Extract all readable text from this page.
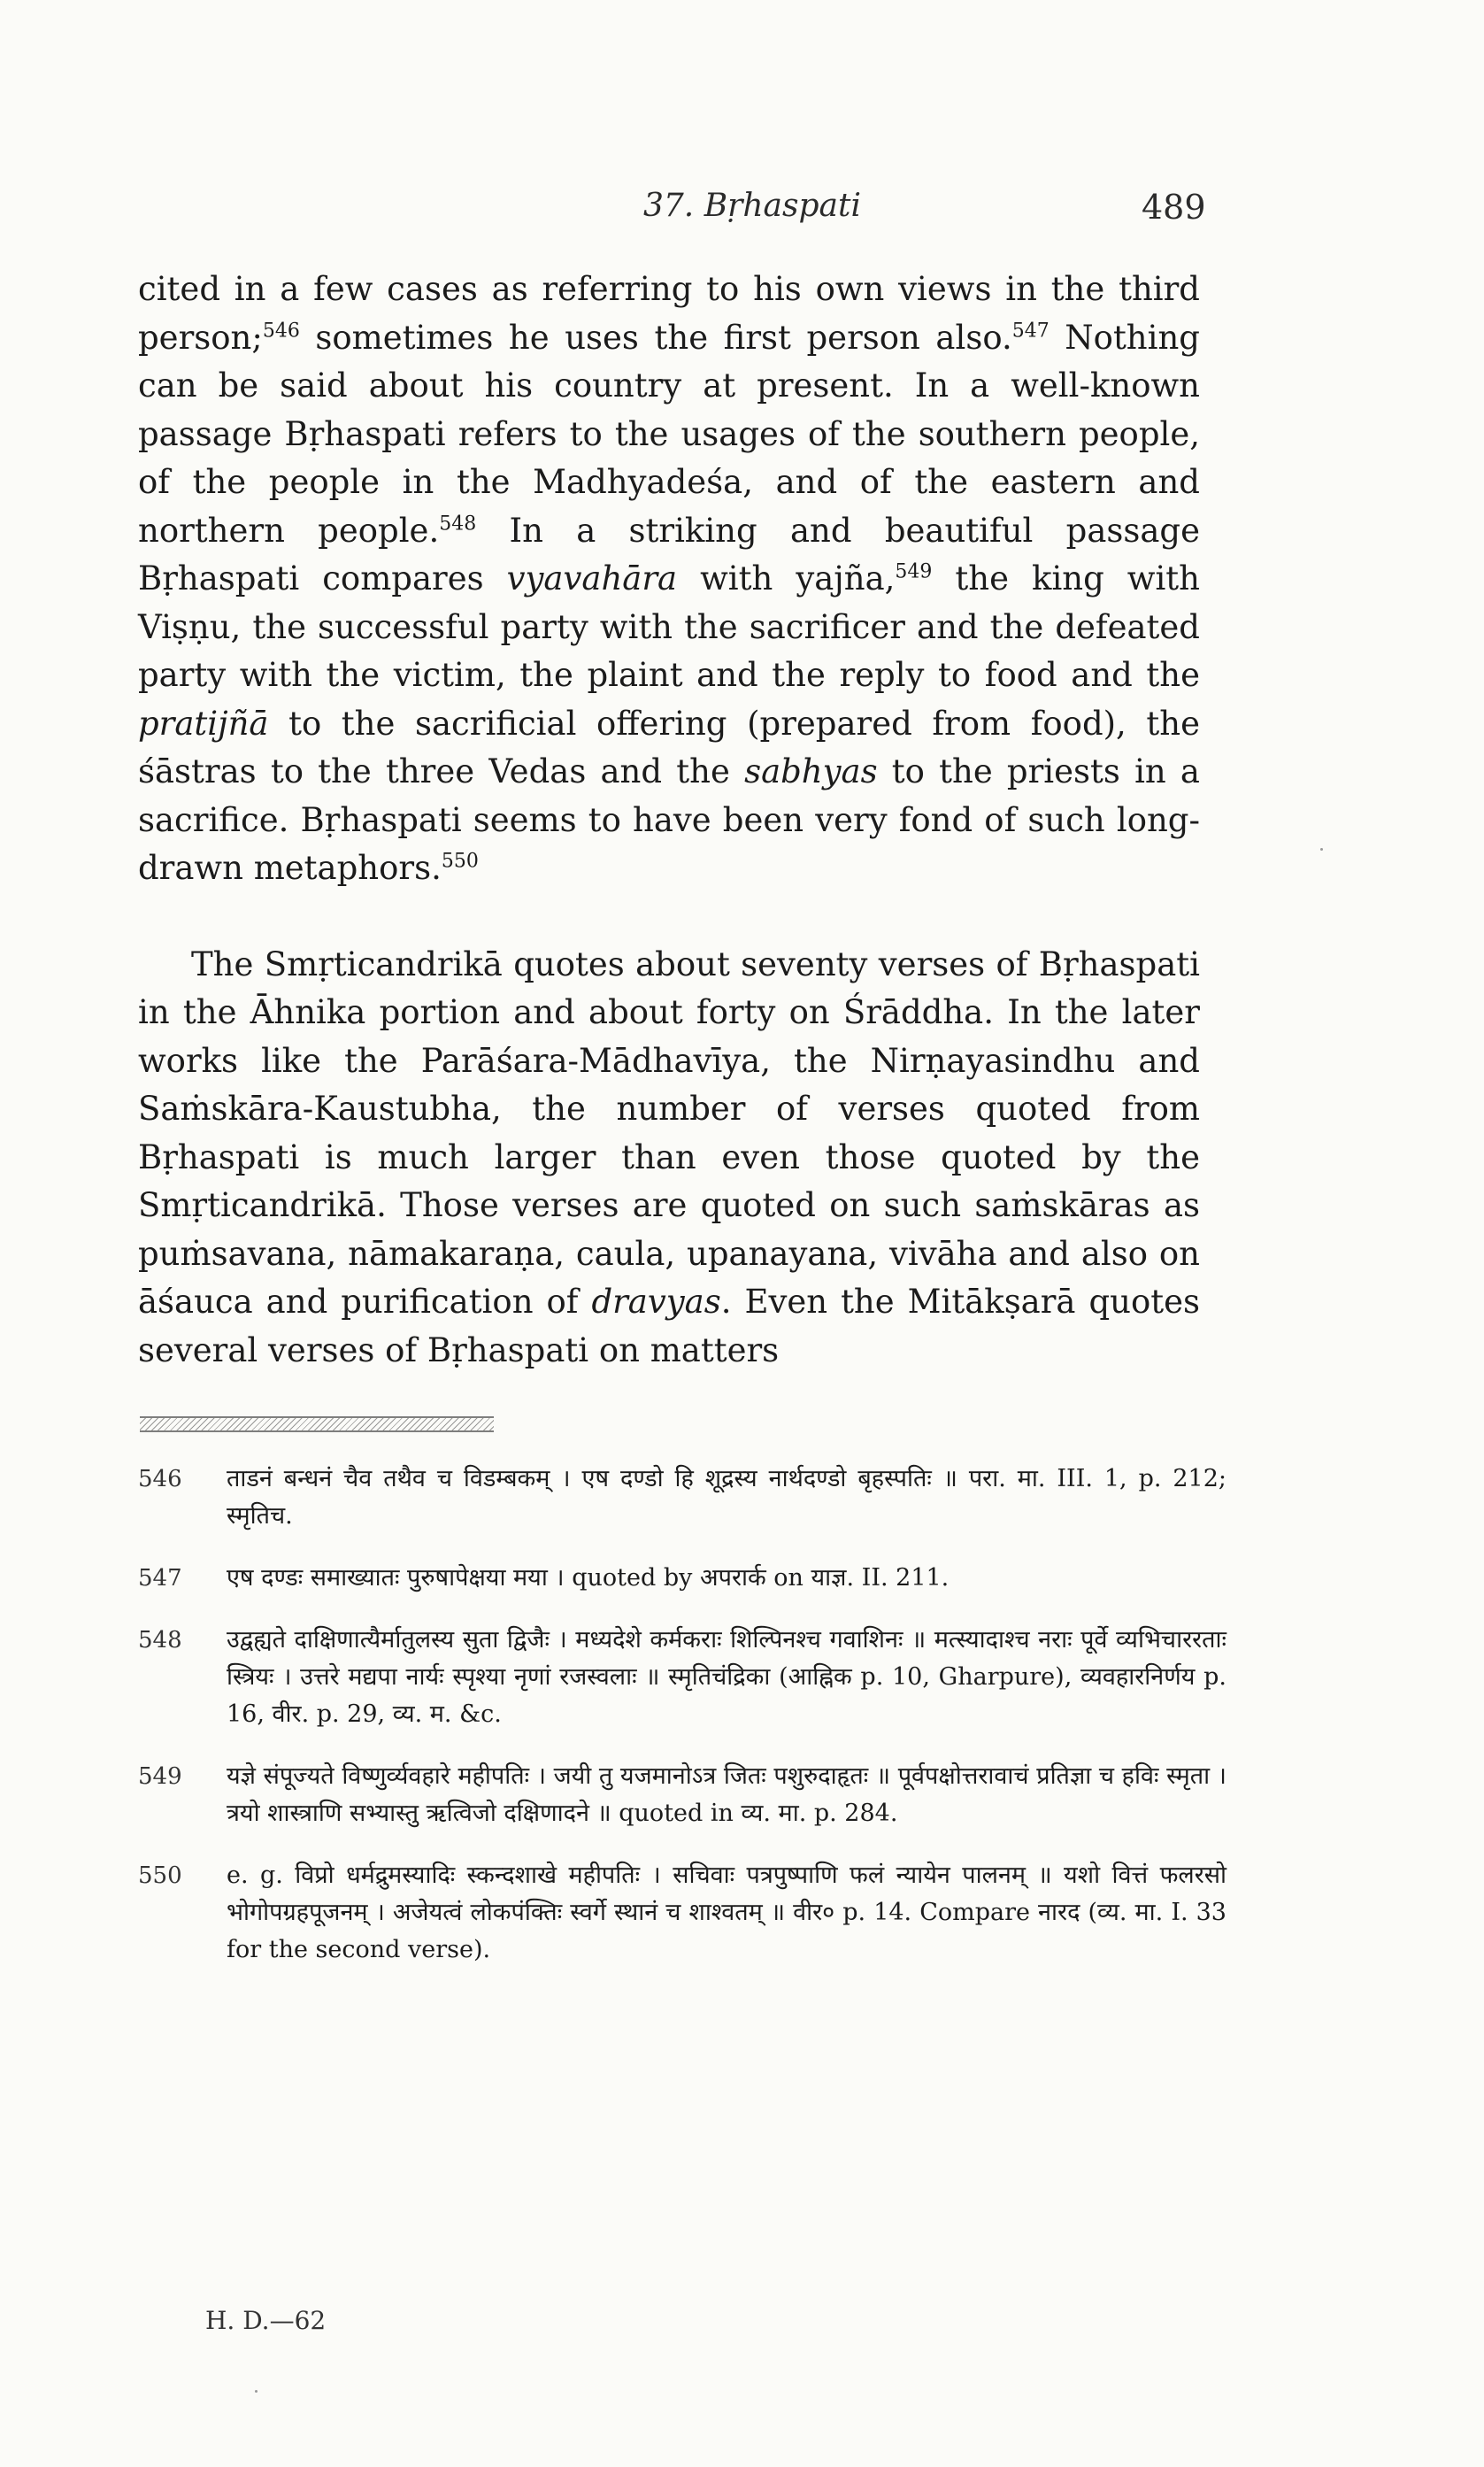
37. Bṛhaspati	489

cited in a few cases as referring to his own views in the third person;$^{546}$ sometimes he uses the first person also.$^{547}$ Nothing can be said about his country at present. In a well-known passage Bṛhaspati refers to the usages of the southern people, of the people in the Madhyadeśa, and of the eastern and northern people.$^{548}$ In a striking and beautiful passage Bṛhaspati compares vyavahāra with yajña,$^{549}$ the king with Viṣṇu, the successful party with the sacrificer and the defeated party with the victim, the plaint and the reply to food and the pratijñā to the sacrificial offering (prepared from food), the śāstras to the three Vedas and the sabhyas to the priests in a sacrifice. Bṛhaspati seems to have been very fond of such long-drawn metaphors.$^{550}$

The Smṛticandrikā quotes about seventy verses of Bṛhaspati in the Āhnika portion and about forty on Śrāddha. In the later works like the Parāśara-Mādhavīya, the Nirṇayasindhu and Saṁskāra-Kaustubha, the number of verses quoted from Bṛhaspati is much larger than even those quoted by the Smṛticandrikā. Those verses are quoted on such saṁskāras as puṁsavana, nāmakaraṇa, caula, upanayana, vivāha and also on āśauca and purification of dravyas. Even the Mitākṣarā quotes several verses of Bṛhaspati on matters

546	ताडनं बन्धनं चैव तथैव च विडम्बकम् । एष दण्डो हि शूद्रस्य नार्थदण्डो बृहस्पतिः ॥ परा. मा. III. 1, p. 212; स्मृतिच.
547	एष दण्डः समाख्यातः पुरुषापेक्षया मया । quoted by अपरार्क on याज्ञ. II. 211.
548	उद्वह्यते दाक्षिणात्यैर्मातुलस्य सुता द्विजैः । मध्यदेशे कर्मकराः शिल्पिनश्च गवाशिनः ॥ मत्स्यादाश्च नराः पूर्वे व्यभिचाररताः स्त्रियः । उत्तरे मद्यपा नार्यः स्पृश्या नृणां रजस्वलाः ॥ स्मृतिचंद्रिका (आह्निक p. 10, Gharpure), व्यवहारनिर्णय p. 16, वीर. p. 29, व्य. म. &c.
549	यज्ञे संपूज्यते विष्णुर्व्यवहारे महीपतिः । जयी तु यजमानोऽत्र जितः पशुरुदाहृतः ॥ पूर्वपक्षोत्तरावाचं प्रतिज्ञा च हविः स्मृता । त्रयो शास्त्राणि सभ्यास्तु ऋत्विजो दक्षिणादने ॥ quoted in व्य. मा. p. 284.
550	e. g. विप्रो धर्मद्रुमस्यादिः स्कन्दशाखे महीपतिः । सचिवाः पत्रपुष्पाणि फलं न्यायेन पालनम् ॥ यशो वित्तं फलरसो भोगोपग्रहपूजनम् । अजेयत्वं लोकपंक्तिः स्वर्गे स्थानं च शाश्वतम् ॥ वीर० p. 14. Compare नारद (व्य. मा. I. 33 for the second verse).
H. D.—62
